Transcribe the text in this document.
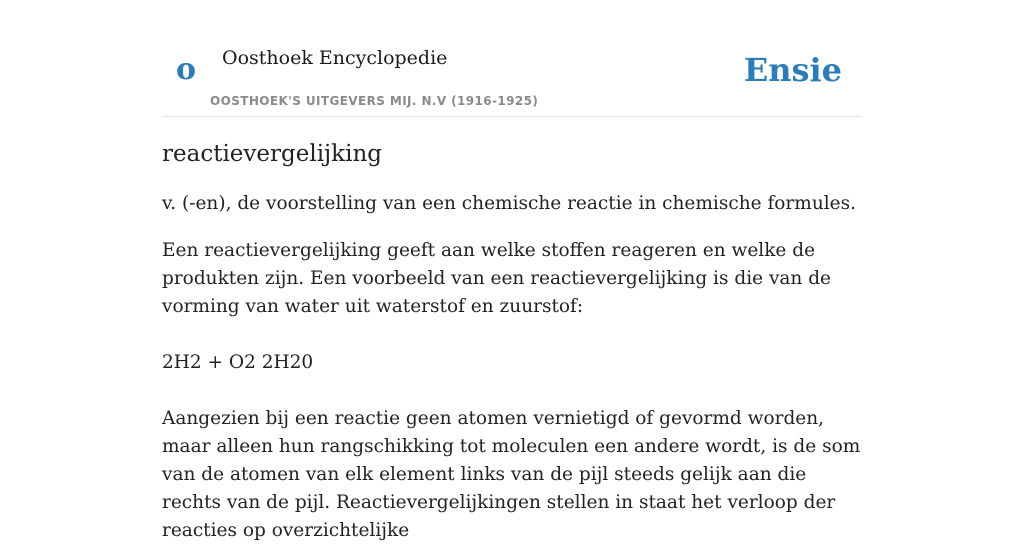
o Oosthoek Encyclopedie
OOSTHOEK'S UITGEVERS MIJ. N.V (1916-1925)
Ensie
reactievergelijking

v. (-en), de voorstelling van een chemische reactie in chemische formules.

Een reactievergelijking geeft aan welke stoffen reageren en welke de produkten zijn. Een voorbeeld van een reactievergelijking is die van de vorming van water uit waterstof en zuurstof:

2H2 + O2 2H20

Aangezien bij een reactie geen atomen vernietigd of gevormd worden, maar alleen hun rangschikking tot moleculen een andere wordt, is de som van de atomen van elk element links van de pijl steeds gelijk aan die rechts van de pijl. Reactievergelijkingen stellen in staat het verloop der reacties op overzichtelijke
